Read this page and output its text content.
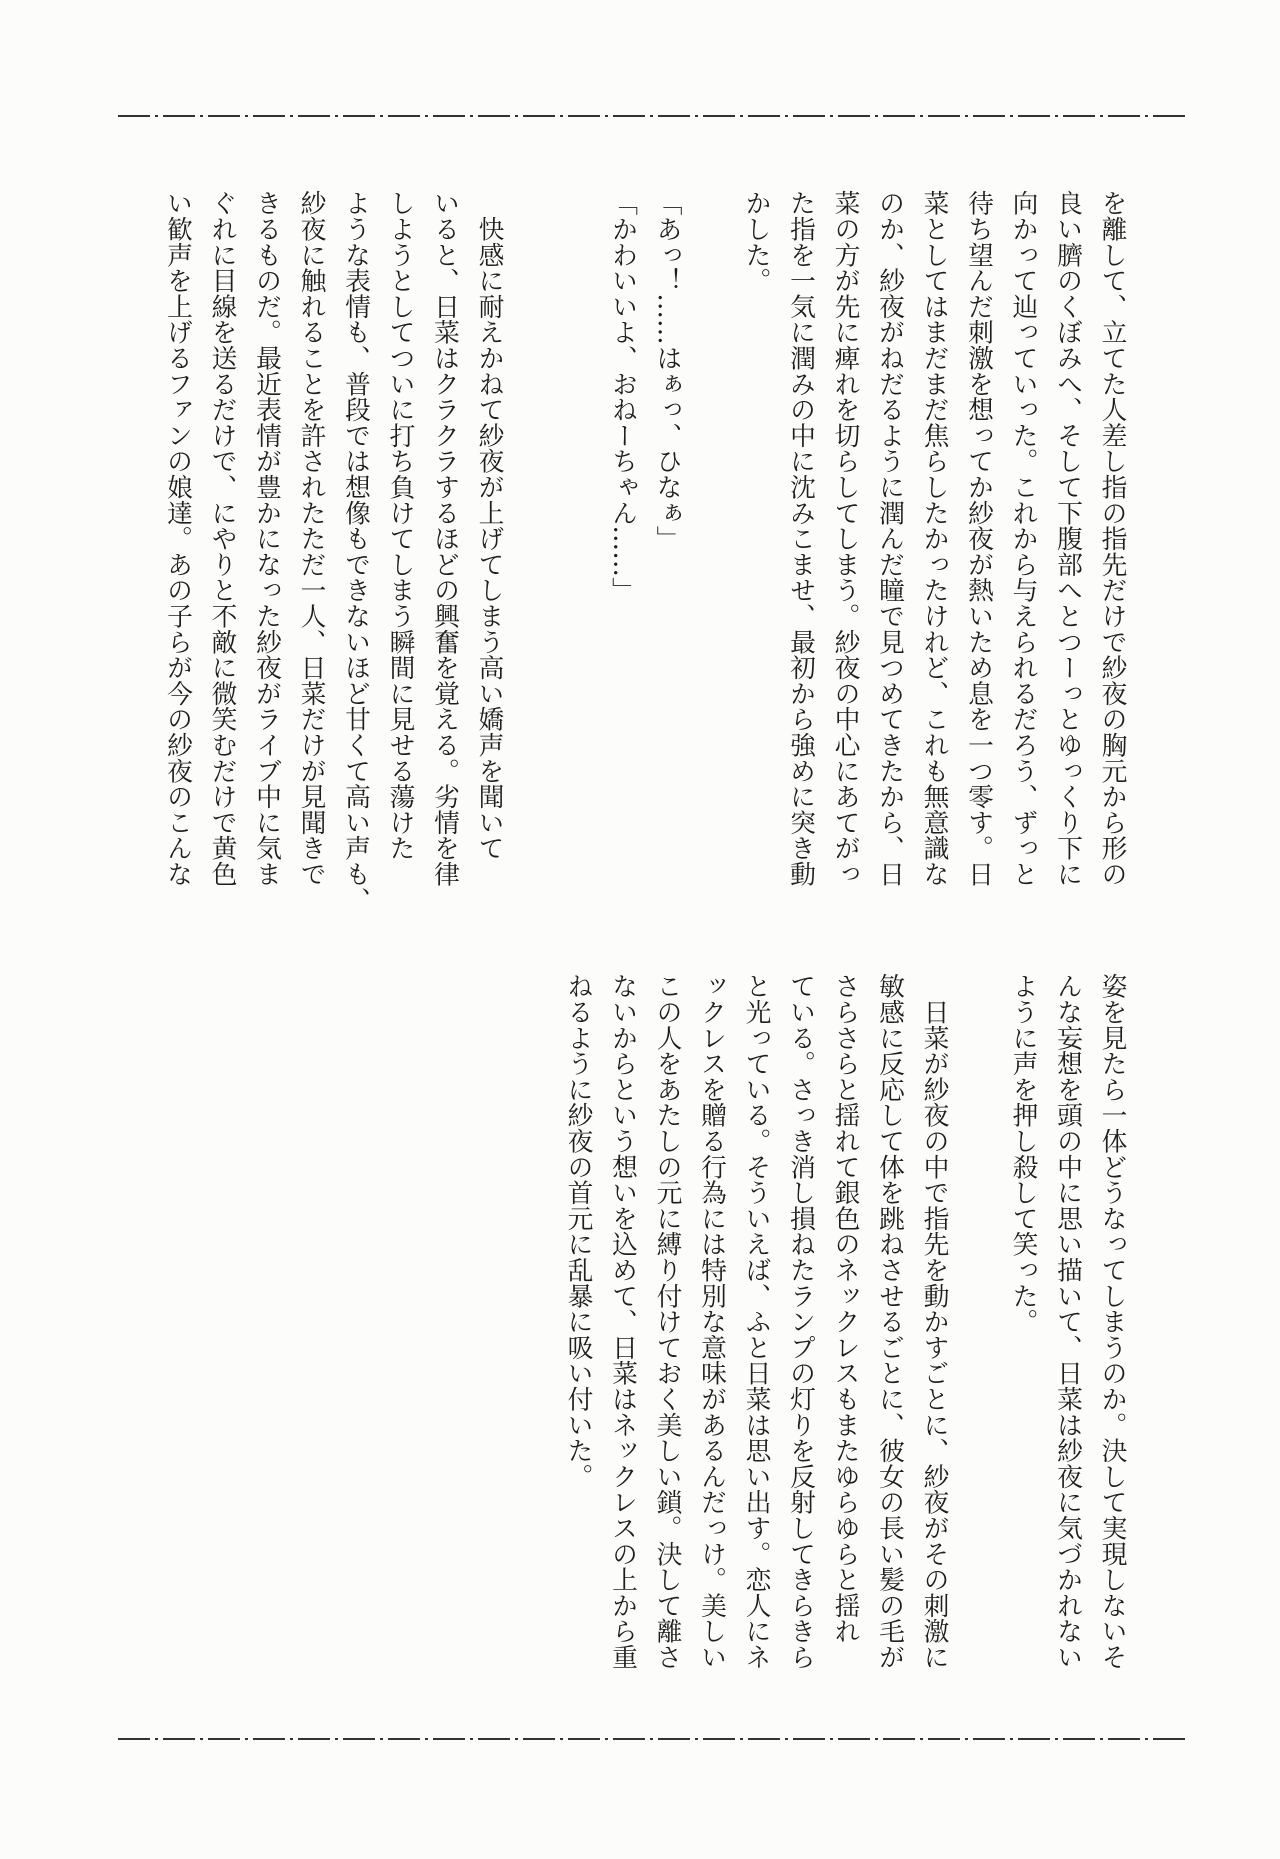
を離して、立てた人差し指の指先だけで紗夜の胸元から形の
良い臍のくぼみへ、そして下腹部へとつーっとゆっくり下に
向かって辿っていった。これから与えられるだろう、ずっと
待ち望んだ刺激を想ってか紗夜が熱いため息を一つ零す。日
菜としてはまだまだ焦らしたかったけれど、これも無意識な
のか、紗夜がねだるように潤んだ瞳で見つめてきたから、日
菜の方が先に痺れを切らしてしまう。紗夜の中心にあてがっ
た指を一気に潤みの中に沈みこませ、最初から強めに突き動
かした。
「あっ！……はぁっ、ひなぁ」
「かわいいよ、おねーちゃん……」
　快感に耐えかねて紗夜が上げてしまう高い嬌声を聞いて
いると、日菜はクラクラするほどの興奮を覚える。劣情を律
しようとしてついに打ち負けてしまう瞬間に見せる蕩けた
ような表情も、普段では想像もできないほど甘くて高い声も、
紗夜に触れることを許されたただ一人、日菜だけが見聞きで
きるものだ。最近表情が豊かになった紗夜がライブ中に気ま
ぐれに目線を送るだけで、にやりと不敵に微笑むだけで黄色
い歓声を上げるファンの娘達。あの子らが今の紗夜のこんな
姿を見たら一体どうなってしまうのか。決して実現しないそ
んな妄想を頭の中に思い描いて、日菜は紗夜に気づかれない
ように声を押し殺して笑った。
　日菜が紗夜の中で指先を動かすごとに、紗夜がその刺激に
敏感に反応して体を跳ねさせるごとに、彼女の長い髪の毛が
さらさらと揺れて銀色のネックレスもまたゆらゆらと揺れ
ている。さっき消し損ねたランプの灯りを反射してきらきら
と光っている。そういえば、ふと日菜は思い出す。恋人にネ
ックレスを贈る行為には特別な意味があるんだっけ。美しい
この人をあたしの元に縛り付けておく美しい鎖。決して離さ
ないからという想いを込めて、日菜はネックレスの上から重
ねるように紗夜の首元に乱暴に吸い付いた。
